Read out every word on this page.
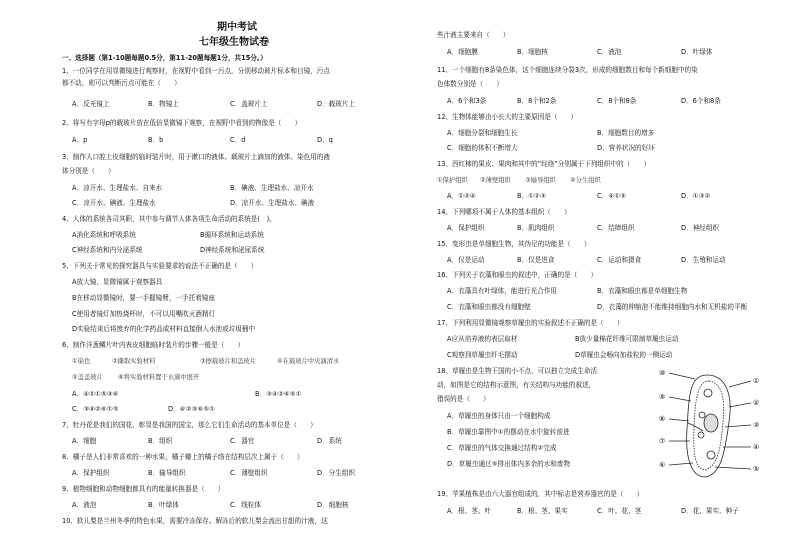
期中考试
七年级生物试卷
一、选择题（第1-10题每题0.5分，第11-20题每题1分，共15分。）
1、一位同学在用显微镜进行观察时，在视野中看到一污点，分别移动玻片标本和目镜，污点
都不动，则可以判断污点可能在（　　）
A．反光镜上	B．物镜上	C．盖玻片上	D．载玻片上
2、将写有字母p的载玻片放在低倍显微镜下观察，在视野中看到的物像是（　　）
A．p	B．b	C．d	D．q
3、制作人口腔上皮细胞的临时装片时，用于漱口的液体、载玻片上滴加的液体、染色用的液
体分别是（　　）
A．凉开水、生理盐水、自来水	B．碘液、生理盐水、凉开水
C．凉开水、碘液、生理盐水	D．凉开水、生理盐水、碘液
4、人体的系统各司其职，其中参与调节人体各项生命活动的系统是(　)。
A消化系统和呼吸系统	B循环系统和运动系统
C神经系统和内分泌系统	D神经系统和泌尿系统
5、下列关于常见的探究器具与实验要求的说法不正确的是（　　）
A放大镜，显微镜属于观察器具
B在移动显微镜时，要一手握镜臂，一手托着镜座
C使用者镜灯加热烧杯时，不可以用嘴吹灭酒精灯
D实验结束后将废弃的化学药品或材料直接倒入水池或垃圾桶中
6、制作洋葱鳞片叶内表皮细胞临时装片的步骤一般是（　　）
①染色	②撕取实验材料	③擦载玻片和盖玻片	④在载玻片中央滴清水
⑤盖盖玻片 ⑥将实验材料置于水滴中展开
A．④②①⑤③⑥	B．③④②⑥⑤①
C．③④②⑥①⑤	D．④②③⑥⑤①
7、牡丹花是我们的国花，彰显是我国的国宝，那么它们生命活动的基本单位是（　　）
A．细胞	B．组织	C．器官	D．系统
8、橘子是人们非常喜欢的一种水果，橘子瓣上的橘子络在结构层次上属于（　　）
A．保护组织	B．输导组织	C．薄壁组织	D．分生组织
9、植物细胞和动物细胞都具有的能量转换器是（　　）
A．液泡	B．叶绿体	C．线粒体	D．细胞核
10、软儿梨是兰州冬季的特色水果，需要冷冻保存。解冻后的软儿梨会流出甘甜的汁液，这
些汁液主要来自（　　）
A．细胞膜	B．细胞核	C．液泡	D．叶绿体
11、一个细胞有8条染色体，这个细胞连续分裂3次，形成的细胞数目和每个新细胞中的染
色体数分别是（　　）
A．6个和3条	B．8个和2条	C．8个和8条	D．6个和8条
12、生物体能够由小长大的主要原因是（　　）
A．细胞分裂和细胞生长	B．细胞数目的增多
C．细胞的体积不断增大	D．营养状况的好坏
13、西红柿的果皮、果肉和其中的“经络”分别属于下列组织中的（　　）
①保护组织 ②薄壁组织 ③输导组织 ④分生组织
A．①②④	B．①②③	C．④①③	D．①③②
14、下列哪项不属于人体的基本组织（　　）
A．保护组织	B．肌肉组织	C．结缔组织	D．神经组织
15、变形虫是单细胞生物，其伪足的功能是（　　）
A．仅是运动	B．仅是进食	C．运动和摄食	D．生殖和运动
16、下列关于衣藻和眼虫的叙述中，正确的是（　　）
A．衣藻具有叶绿体，能进行光合作用	B．衣藻和眼虫都是单细胞生物
C．衣藻和眼虫都没有细胞壁	D．衣藻的伸缩泡不能维持细胞内水和无机盐的平衡
17、下列利用显微镜观察草履虫的实验叙述不正确的是（　　）
A应从培养液的表层取材	B放少量棉花纤维可限制草履虫运动
C观察到草履虫纤毛摆动	D草履虫会畅向加盐粒的一侧运动
18、草履虫是生物王国的小不点，可以独立完成生命活
动，如图是它的结构示意图，有关结构与功能的叙述，
错误的是（　　）
A．草履虫的身体只由一个细胞构成
B．草履虫靠图中①的摆动在水中旋转前进
C．草履虫的气体交换通过结构②完成
D．草履虫通过⑤排出体内多余的水和废物
①
②
③
④
⑤
⑥
⑦
⑧
⑨
⑩
19、苹果植株是由六大器官组成的，其中标志是营养器官的是（　　）
A．根、茎、叶	B．根、茎、果实	C．叶、花、茎	D．花、果实、种子
